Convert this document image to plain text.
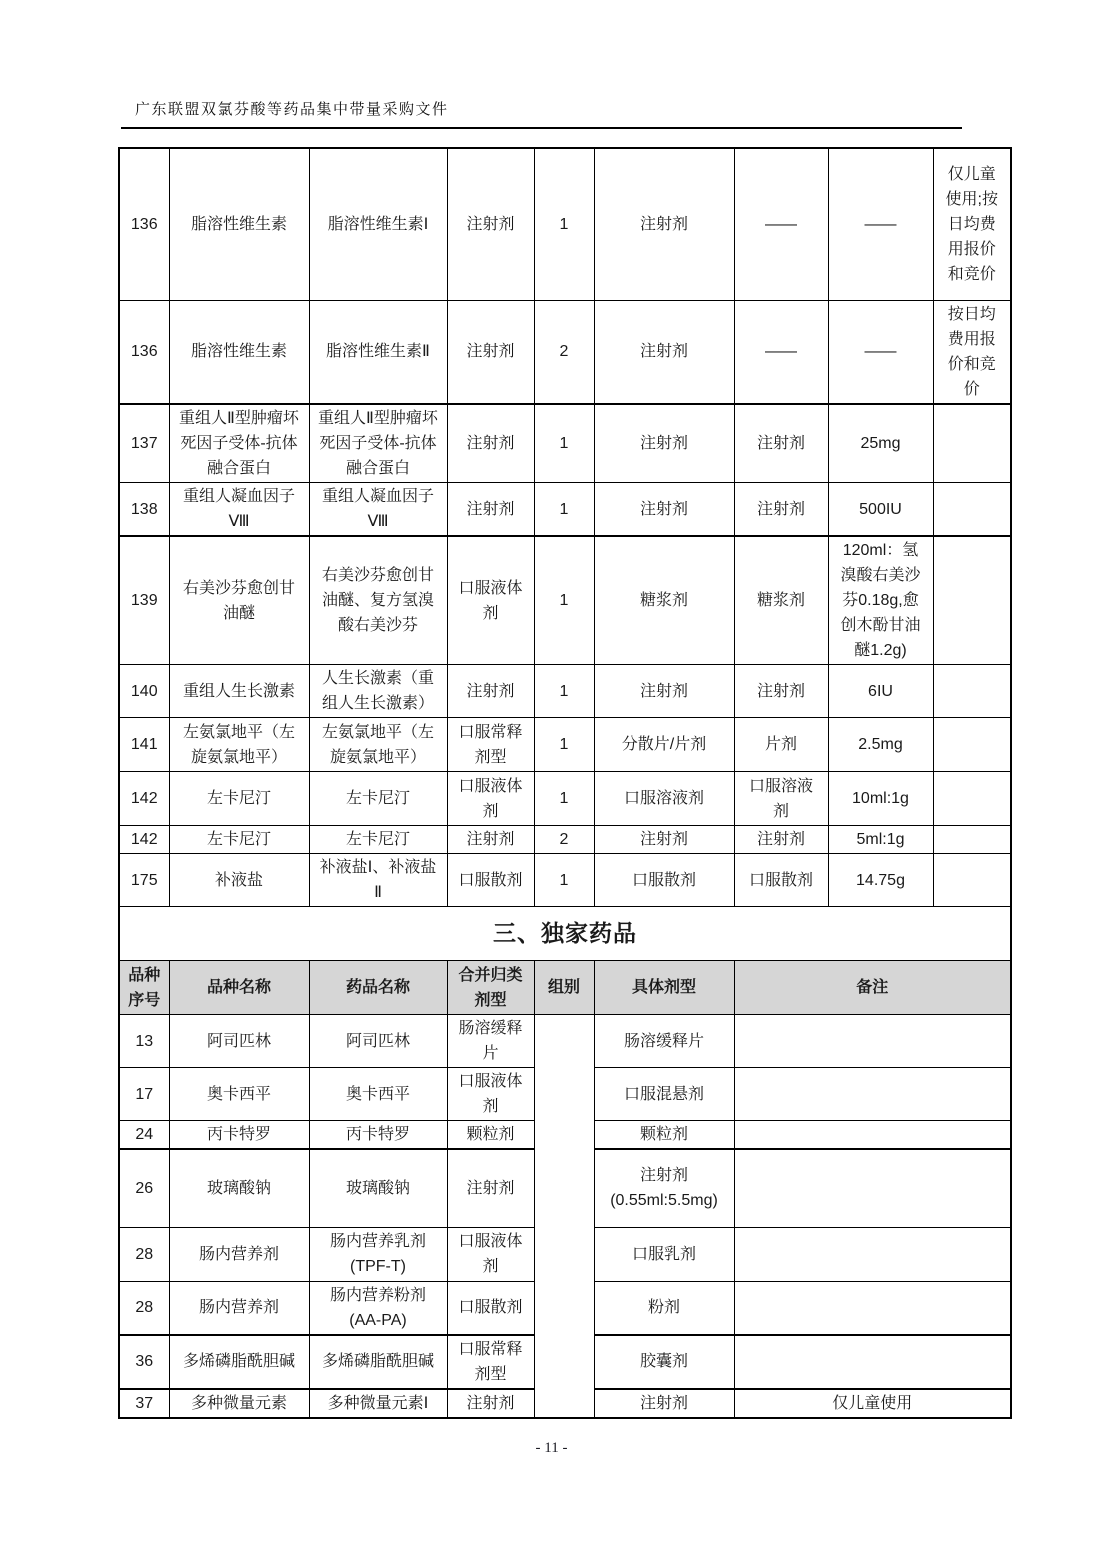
广东联盟双氯芬酸等药品集中带量采购文件
136	脂溶性维生素	脂溶性维生素Ⅰ	注射剂	1	注射剂	——	——	仅儿童使用;按日均费用报价和竞价
136	脂溶性维生素	脂溶性维生素Ⅱ	注射剂	2	注射剂	——	——	按日均费用报价和竞价
137	重组人Ⅱ型肿瘤坏死因子受体-抗体融合蛋白	重组人Ⅱ型肿瘤坏死因子受体-抗体融合蛋白	注射剂	1	注射剂	注射剂	25mg	
138	重组人凝血因子Ⅷ	重组人凝血因子Ⅷ	注射剂	1	注射剂	注射剂	500IU	
139	右美沙芬愈创甘油醚	右美沙芬愈创甘油醚、复方氢溴酸右美沙芬	口服液体剂	1	糖浆剂	糖浆剂	120ml：氢溴酸右美沙芬0.18g,愈创木酚甘油醚1.2g)	
140	重组人生长激素	人生长激素（重组人生长激素）	注射剂	1	注射剂	注射剂	6IU	
141	左氨氯地平（左旋氨氯地平）	左氨氯地平（左旋氨氯地平）	口服常释剂型	1	分散片/片剂	片剂	2.5mg	
142	左卡尼汀	左卡尼汀	口服液体剂	1	口服溶液剂	口服溶液剂	10ml:1g	
142	左卡尼汀	左卡尼汀	注射剂	2	注射剂	注射剂	5ml:1g	
175	补液盐	补液盐Ⅰ、补液盐Ⅱ	口服散剂	1	口服散剂	口服散剂	14.75g	
三、独家药品								
品种序号	品种名称	药品名称	合并归类剂型	组别	具体剂型	备注		
13	阿司匹林	阿司匹林	肠溶缓释片		肠溶缓释片			
17	奥卡西平	奥卡西平	口服液体剂		口服混悬剂			
24	丙卡特罗	丙卡特罗	颗粒剂		颗粒剂			
26	玻璃酸钠	玻璃酸钠	注射剂		注射剂(0.55ml:5.5mg)			
28	肠内营养剂	肠内营养乳剂(TPF-T)	口服液体剂		口服乳剂			
28	肠内营养剂	肠内营养粉剂(AA-PA)	口服散剂		粉剂			
36	多烯磷脂酰胆碱	多烯磷脂酰胆碱	口服常释剂型		胶囊剂			
37	多种微量元素	多种微量元素Ⅰ	注射剂		注射剂	仅儿童使用		
- 11 -
